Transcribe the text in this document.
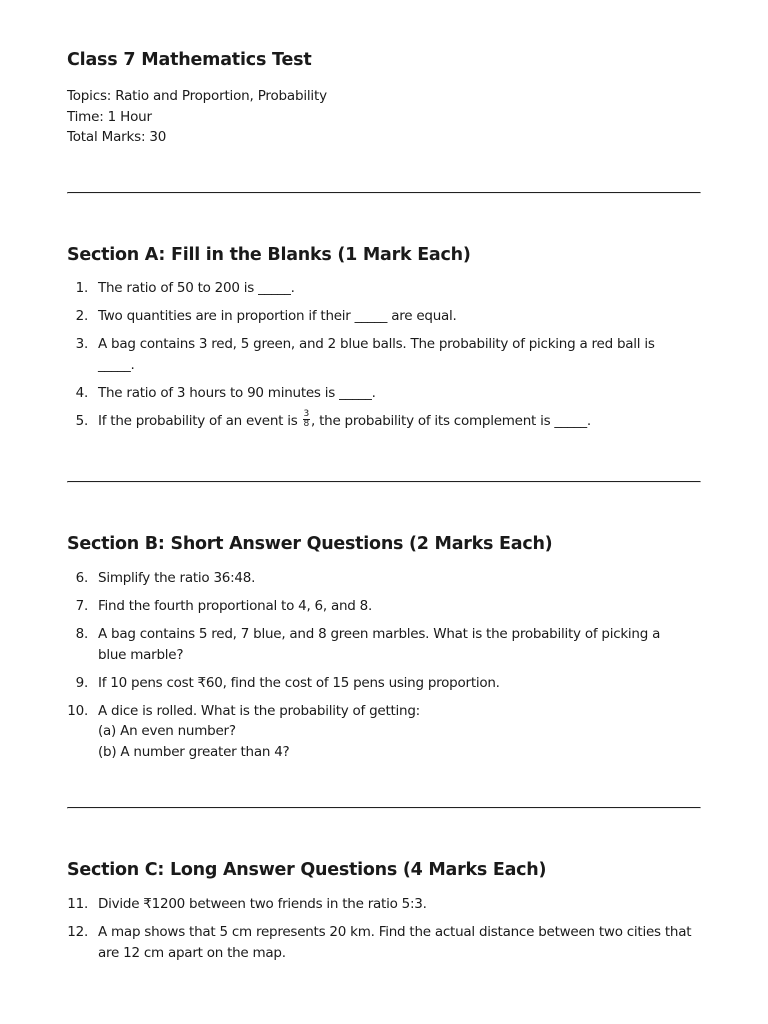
Class 7 Mathematics Test
Topics: Ratio and Proportion, Probability
Time: 1 Hour
Total Marks: 30
Section A: Fill in the Blanks (1 Mark Each)
1. The ratio of 50 to 200 is _____.
2. Two quantities are in proportion if their _____ are equal.
3. A bag contains 3 red, 5 green, and 2 blue balls. The probability of picking a red ball is
_____.
4. The ratio of 3 hours to 90 minutes is _____.
5. If the probability of an event is $\frac{3}{8}$ , the probability of its complement is _____.
Section B: Short Answer Questions (2 Marks Each)
6. Simplify the ratio 36:48.
7. Find the fourth proportional to 4, 6, and 8.
8. A bag contains 5 red, 7 blue, and 8 green marbles. What is the probability of picking a
blue marble?
9. If 10 pens cost ₹60, find the cost of 15 pens using proportion.
10. A dice is rolled. What is the probability of getting:
(a) An even number?
(b) A number greater than 4?
Section C: Long Answer Questions (4 Marks Each)
11. Divide ₹1200 between two friends in the ratio 5:3.
12. A map shows that 5 cm represents 20 km. Find the actual distance between two cities that
are 12 cm apart on the map.
